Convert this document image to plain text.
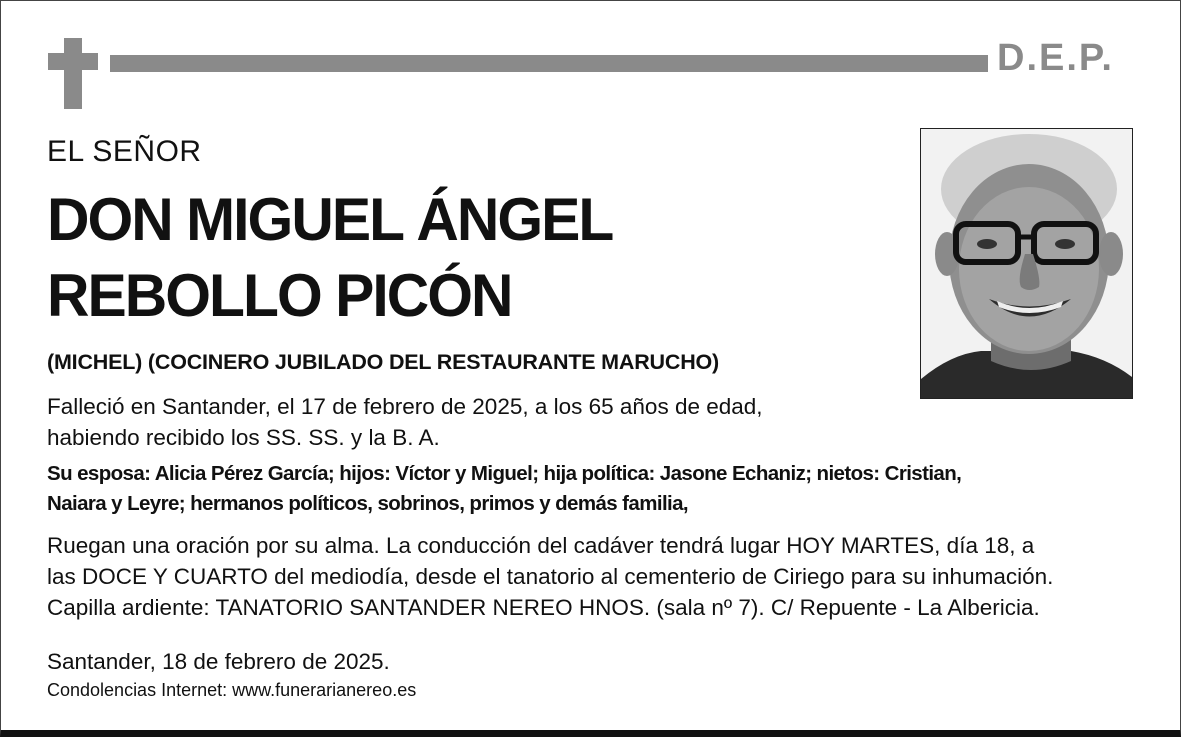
D.E.P.
EL SEÑOR
DON MIGUEL ÁNGEL
REBOLLO PICÓN
(MICHEL) (COCINERO JUBILADO DEL RESTAURANTE MARUCHO)
Falleció en Santander, el 17 de febrero de 2025, a los 65 años de edad,
habiendo recibido los SS. SS. y la B. A.
Su esposa: Alicia Pérez García; hijos: Víctor y Miguel; hija política: Jasone Echaniz; nietos: Cristian,
Naiara y Leyre; hermanos políticos, sobrinos, primos y demás familia,
Ruegan una oración por su alma. La conducción del cadáver tendrá lugar HOY MARTES, día 18, a
las DOCE Y CUARTO del mediodía, desde el tanatorio al cementerio de Ciriego para su inhumación.
Capilla ardiente: TANATORIO SANTANDER NEREO HNOS. (sala nº 7). C/ Repuente - La Albericia.
Santander, 18 de febrero de 2025.
Condolencias Internet: www.funerarianereo.es
